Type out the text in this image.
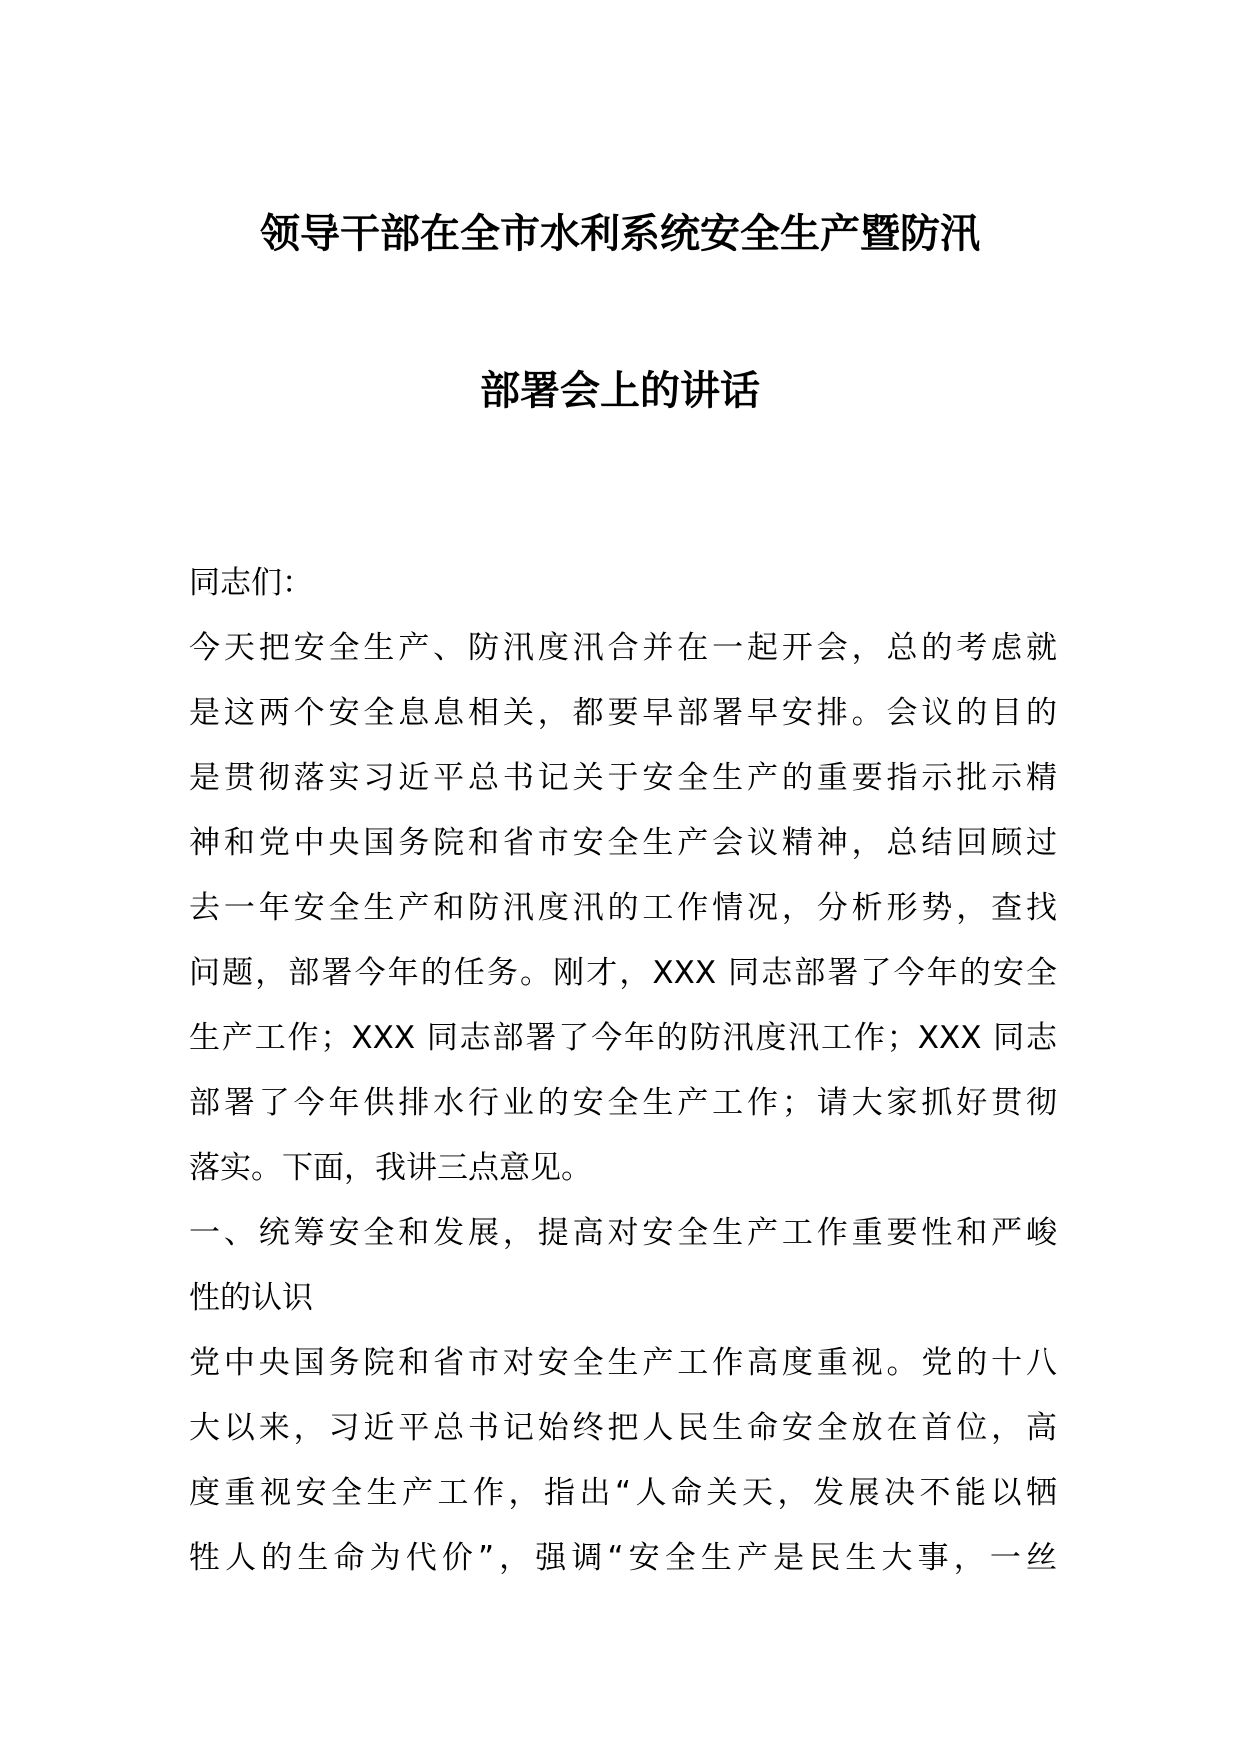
领导干部在全市水利系统安全生产暨防汛
部署会上的讲话
同志们：
今天把安全生产、防汛度汛合并在一起开会，总的考虑就
是这两个安全息息相关，都要早部署早安排。会议的目的
是贯彻落实习近平总书记关于安全生产的重要指示批示精
神和党中央国务院和省市安全生产会议精神，总结回顾过
去一年安全生产和防汛度汛的工作情况，分析形势，查找
问题，部署今年的任务。刚才，XXX 同志部署了今年的安全
生产工作；XXX 同志部署了今年的防汛度汛工作；XXX 同志
部署了今年供排水行业的安全生产工作；请大家抓好贯彻
落实。下面，我讲三点意见。
一、统筹安全和发展，提高对安全生产工作重要性和严峻
性的认识
党中央国务院和省市对安全生产工作高度重视。党的十八
大以来，习近平总书记始终把人民生命安全放在首位，高
度重视安全生产工作，指出“人命关天，发展决不能以牺
牲人的生命为代价”，强调“安全生产是民生大事，一丝
